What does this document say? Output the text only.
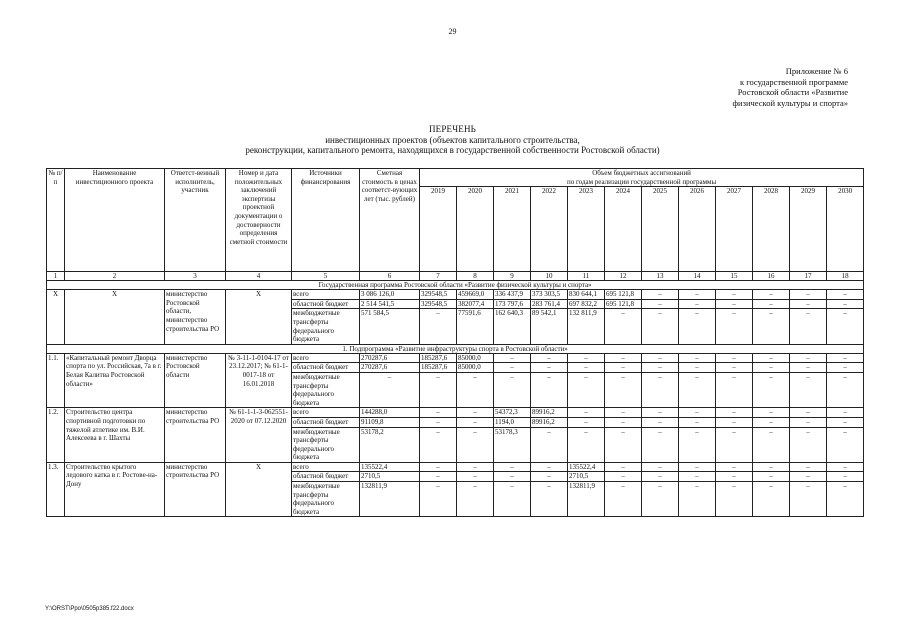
29
Приложение № 6
к государственной программе
Ростовской области «Развитие
физической культуры и спорта»
ПЕРЕЧЕНЬ
инвестиционных проектов (объектов капитального строительства,
реконструкции, капитального ремонта, находящихся в государственной собственности Ростовской области)
№ п/п	Наименование инвестиционного проекта	Ответст-венный исполнитель, участник	Номер и дата положительных заключений экспертизы проектной документации о достоверности определения сметной стоимости	Источники финансирования	Сметная стоимость в ценах соответст-вующих лет (тыс. рублей)	Объем бюджетных ассигнований
по годам реализации государственной программы											

						2019	2020	2021	2022	2023	2024	2025	2026	2027	2028	2029	2030
1	2	3	4	5	6	7	8	9	10	11	12	13	14	15	16	17	18
Государственная программа Ростовской области «Развитие физической культуры и спорта»																	
Х	Х	министерство Ростовской области, министерство строительства РО	Х	всего	3 086 126,0	329548,5	459669,0	336 437,9	373 303,5	830 644,1	695 121,8	–	–	–	–	–	–
				областной бюджет	2 514 541,5	329548,5	382077,4	173 797,6	283 761,4	697 832,2	695 121,8	–	–	–	–	–	–
				межбюджетные трансферты федерального бюджета	571 584,5	–	77591,6	162 640,3	89 542,1	132 811,9	–	–	–	–	–	–	–
1. Подпрограмма «Развитие инфраструктуры спорта в Ростовской области»																	
1.1.	«Капитальный ремонт Дворца спорта по ул. Российская, 7а в г. Белая Калитва Ростовской области»	министерство Ростовской области	№ 3-11-1-0104-17 от 23.12.2017; № 61-1-0017-18 от 16.01.2018	всего	270287,6	185287,6	85000,0	–	–	–	–	–	–	–	–	–	–
				областной бюджет	270287,6	185287,6	85000,0	–	–	–	–	–	–	–	–	–	–
				межбюджетные трансферты федерального бюджета	–	–	–	–	–	–	–	–	–	–	–	–	–
1.2.	Строительство центра спортивной подготовки по тяжелой атлетике им. В.И. Алексеева в г. Шахты	министерство строительства РО	№ 61-1-1-3-062551-2020 от 07.12.2020	всего	144288,0	–	–	54372,3	89916,2	–	–	–	–	–	–	–	–
				областной бюджет	91109,8	–	–	1194,0	89916,2	–	–	–	–	–	–	–	–
				межбюджетные трансферты федерального бюджета	53178,2	–	–	53178,3	–	–	–	–	–	–	–	–	–
1.3.	Строительство крытого ледового катка в г. Ростове-на-Дону	министерство строительства РО	Х	всего	135522,4	–	–	–	–	135522,4	–	–	–	–	–	–	–
				областной бюджет	2710,5	–	–	–	–	2710,5	–	–	–	–	–	–	–
				межбюджетные трансферты федерального бюджета	132811,9	–	–	–	–	132811,9	–	–	–	–	–	–	–
Y:\ORST\Ppo\0505p385.f22.docx
